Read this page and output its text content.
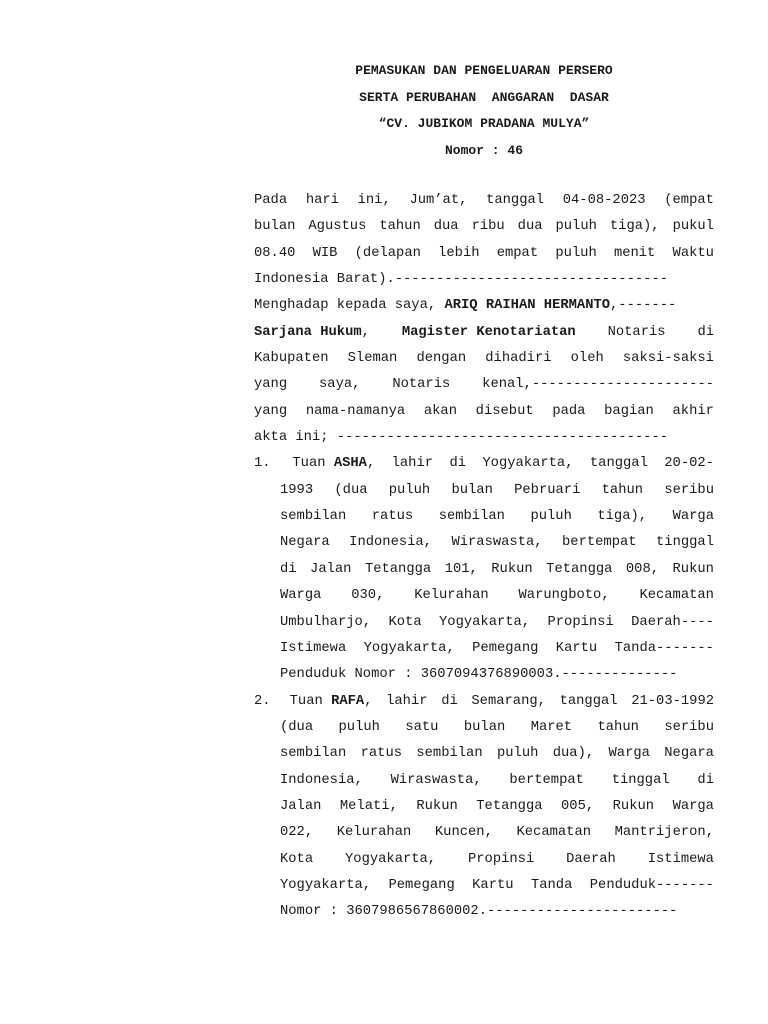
PEMASUKAN DAN PENGELUARAN PERSERO
SERTA PERUBAHAN  ANGGARAN  DASAR
“CV. JUBIKOM PRADANA MULYA”
Nomor : 46
Pada hari ini, Jum’at, tanggal 04-08-2023 (empat
bulan Agustus tahun dua ribu dua puluh tiga), pukul
08.40 WIB (delapan lebih empat puluh menit Waktu
Indonesia Barat).---------------------------------
Menghadap kepada saya, ARIQ RAIHAN HERMANTO ,-------
Sarjana Hukum, Magister Kenotariatan Notaris di
Kabupaten Sleman dengan dihadiri oleh saksi-saksi
yang saya, Notaris kenal,----------------------
yang nama-namanya akan disebut pada bagian akhir
akta ini; ----------------------------------------
1. Tuan ASHA, lahir di Yogyakarta, tanggal 20-02-
1993 (dua puluh bulan Pebruari tahun seribu
sembilan ratus sembilan puluh tiga), Warga
Negara Indonesia, Wiraswasta, bertempat tinggal
di Jalan Tetangga 101, Rukun Tetangga 008, Rukun
Warga 030, Kelurahan Warungboto, Kecamatan
Umbulharjo, Kota Yogyakarta, Propinsi Daerah----
Istimewa Yogyakarta, Pemegang Kartu Tanda-------
Penduduk Nomor : 3607094376890003.--------------
2. Tuan RAFA, lahir di Semarang, tanggal 21-03-1992
(dua puluh satu bulan Maret tahun seribu
sembilan ratus sembilan puluh dua), Warga Negara
Indonesia, Wiraswasta, bertempat tinggal di
Jalan Melati, Rukun Tetangga 005, Rukun Warga
022, Kelurahan Kuncen, Kecamatan Mantrijeron,
Kota Yogyakarta, Propinsi Daerah Istimewa
Yogyakarta, Pemegang Kartu Tanda Penduduk-------
Nomor : 3607986567860002.-----------------------
